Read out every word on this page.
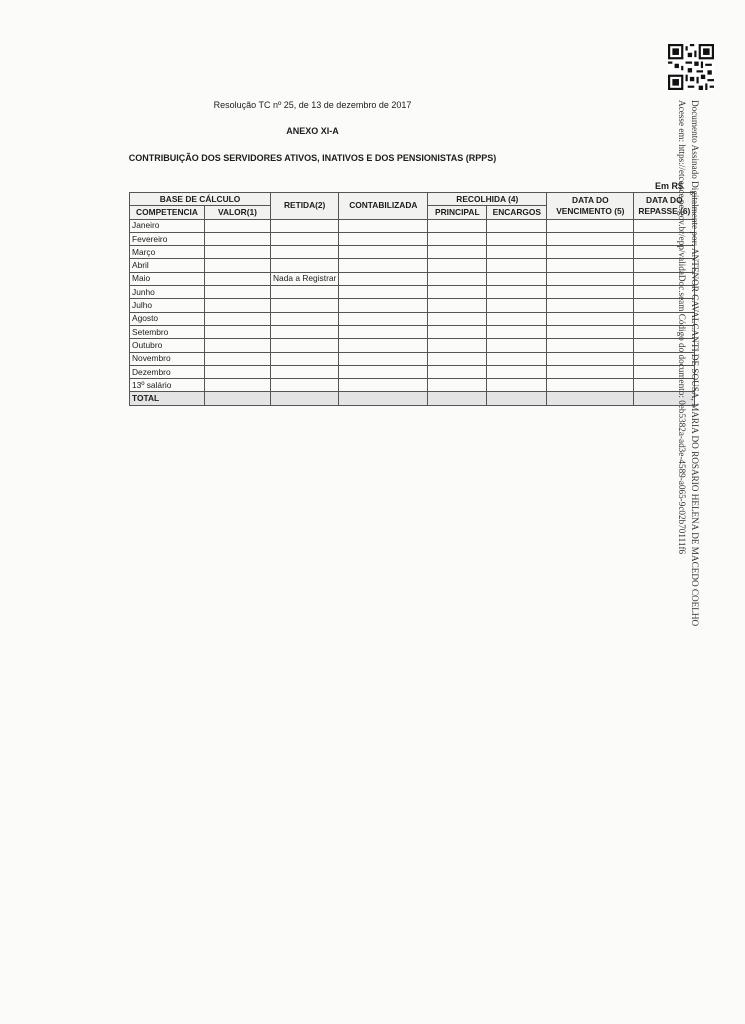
Resolução TC nº 25, de 13 de dezembro de 2017
ANEXO XI-A
CONTRIBUIÇÃO DOS SERVIDORES ATIVOS, INATIVOS E DOS PENSIONISTAS (RPPS)
Em R$
BASE DE CÁLCULO		RETIDA(2)	CONTABILIZADA	RECOLHIDA (4)		DATA DO VENCIMENTO (5)	DATA DO REPASSE (6)
COMPETENCIA	VALOR(1)			PRINCIPAL	ENCARGOS		
Janeiro							
Fevereiro							
Março							
Abril							
Maio		Nada a Registrar					
Junho							
Julho							
Agosto							
Setembro							
Outubro							
Novembro							
Dezembro							
13º salário							
TOTAL								Documento Assinado Digitalmente por: ANTENOR CAVALCANTI DE SOUSA, MARIA DO ROSARIO HELENA DE MACEDO COELHO
Acesse em: https://etce.tce.pe.gov.br/epp/validaDoc.seam Código do documento: 0eb5382a-ad3e-4589-a065-9c02b70111f6
